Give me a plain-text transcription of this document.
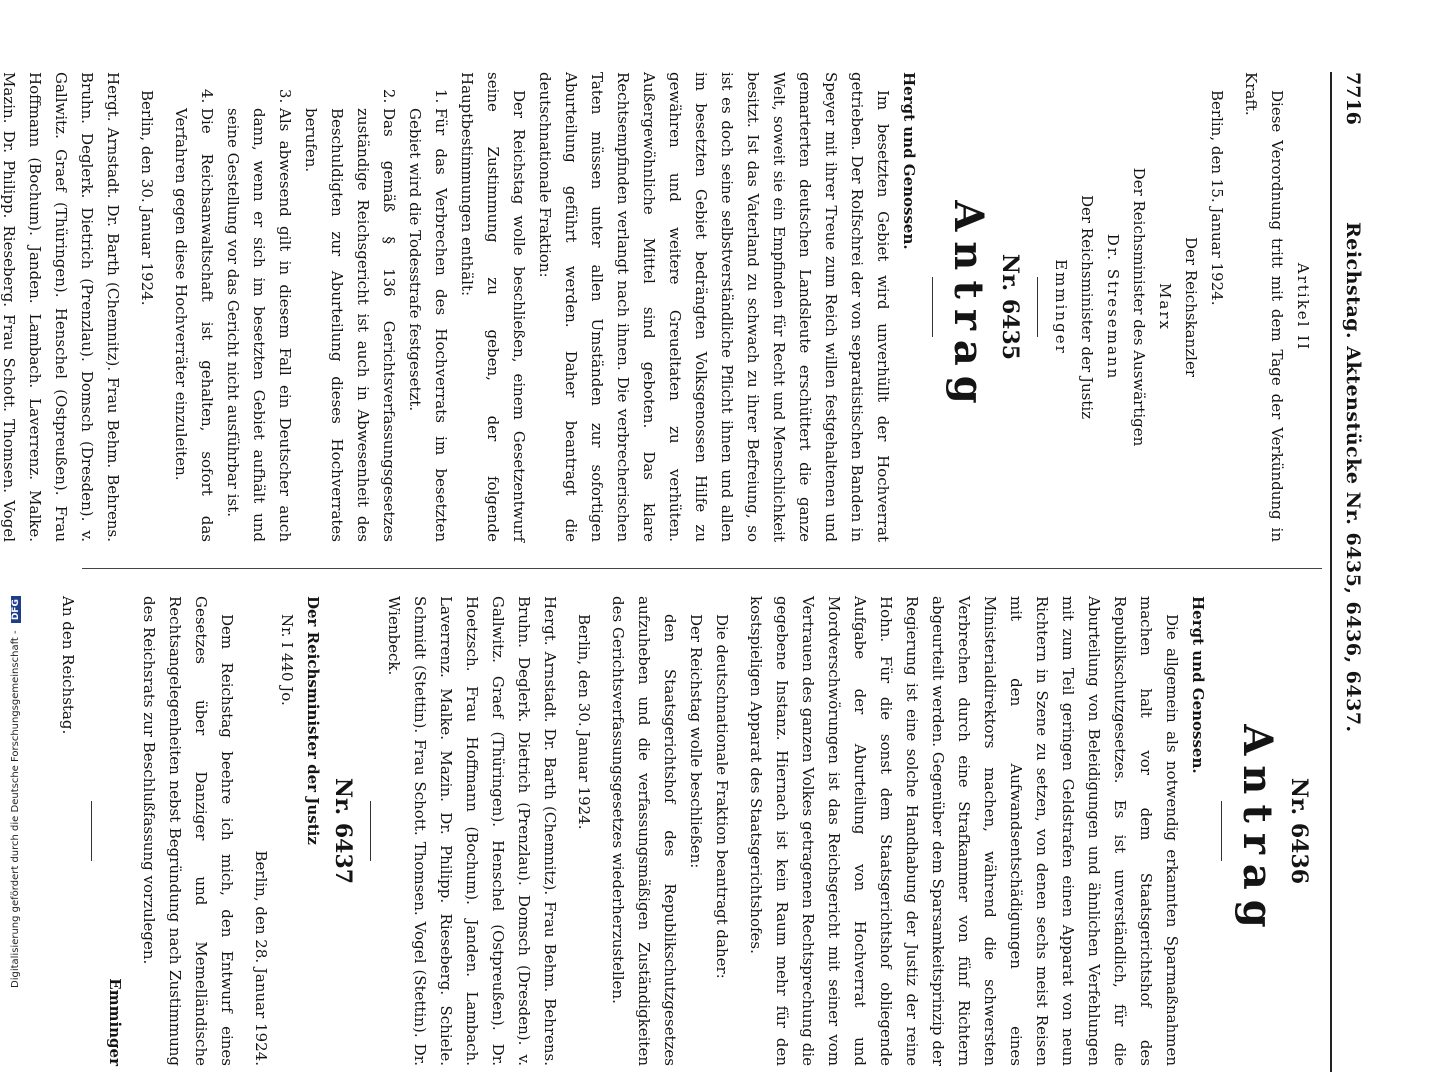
7716
Reichstag. Aktenstücke Nr. 6435, 6436, 6437.

Artikel II

Diese Verordnung tritt mit dem Tage der Verkündung in Kraft.

Berlin, den 15. Januar 1924.

Der Reichskanzler

Marx

Der Reichsminister des Auswärtigen

Dr. Stresemann

Der Reichsminister der Justiz

Emminger

Nr. 6435

Antrag

Hergt und Genossen.

Im besetzten Gebiet wird unverhüllt der Hochverrat getrieben. Der Rolfschrei der von separatistischen Banden in Speyer mit ihrer Treue zum Reich willen festgehaltenen und gemarterten deutschen Landsleute erschüttert die ganze Welt, soweit sie ein Empfinden für Recht und Menschlichkeit besitzt. Ist das Vaterland zu schwach zu ihrer Befreiung, so ist es doch seine selbstverständliche Pflicht ihnen und allen im besetzten Gebiet bedrängten Volksgenossen Hilfe zu gewähren und weitere Greueltaten zu verhüten. Außergewöhnliche Mittel sind geboten. Das klare Rechtsempfinden verlangt nach ihnen. Die verbrecherischen Taten müssen unter allen Umständen zur sofortigen Aburteilung geführt werden. Daher beantragt die deutschnationale Fraktion:

Der Reichstag wolle beschließen, einem Gesetzentwurf seine Zustimmung zu geben, der folgende Hauptbestimmungen enthält:

1. Für das Verbrechen des Hochverrats im besetzten Gebiet wird die Todesstrafe festgesetzt.
2. Das gemäß § 136 Gerichtsverfassungsgesetzes zuständige Reichsgericht ist auch in Abwesenheit des Beschuldigten zur Aburteilung dieses Hochverrates berufen.
3. Als abwesend gilt in diesem Fall ein Deutscher auch dann, wenn er sich im besetzten Gebiet aufhält und seine Gestellung vor das Gericht nicht ausführbar ist.
4. Die Reichsanwaltschaft ist gehalten, sofort das Verfahren gegen diese Hochverräter einzuleiten.

Berlin, den 30. Januar 1924.

Hergt. Arnstadt. Dr. Barth (Chemnitz). Frau Behm. Behrens. Bruhn. Deglerk. Dietrich (Prenzlau). Domsch (Dresden). v. Gallwitz. Graef (Thüringen). Henschel (Ostpreußen). Frau Hoffmann (Bochum). Janden. Lambach. Laverrenz. Malke. Mazin. Dr. Philipp. Rieseberg. Frau Schott. Thomsen. Vogel

Nr. 6436

Antrag

Hergt und Genossen.

Die allgemein als notwendig erkannten Sparmaßnahmen machen halt vor dem Staatsgerichtshof des Republikschutzgesetzes. Es ist unverständlich, für die Aburteilung von Beleidigungen und ähnlichen Verfehlungen mit zum Teil geringen Geldstrafen einen Apparat von neun Richtern in Szene zu setzen, von denen sechs meist Reisen mit den Aufwandsentschädigungen eines Ministerialdirektors machen, während die schwersten Verbrechen durch eine Strafkammer von fünf Richtern abgeurteilt werden. Gegenüber dem Sparsamkeitsprinzip der Regierung ist eine solche Handhabung der Justiz der reine Hohn. Für die sonst dem Staatsgerichtshof obliegende Aufgabe der Aburteilung von Hochverrat und Mordverschwörungen ist das Reichsgericht mit seiner vom Vertrauen des ganzen Volkes getragenen Rechtsprechung die gegebene Instanz. Hiernach ist kein Raum mehr für den kostspieligen Apparat des Staatsgerichtshofes.

Die deutschnationale Fraktion beantragt daher:

Der Reichstag wolle beschließen:

den Staatsgerichtshof des Republikschutzgesetzes aufzuheben und die verfassungsmäßigen Zuständigkeiten des Gerichtsverfassungsgesetzes wiederherzustellen.

Berlin, den 30. Januar 1924.

Hergt. Arnstadt. Dr. Barth (Chemnitz). Frau Behm. Behrens. Bruhn. Deglerk. Dietrich (Prenzlau). Domsch (Dresden). v. Gallwitz. Graef (Thüringen). Henschel (Ostpreußen). Dr. Hoetzsch. Frau Hoffmann (Bochum). Janden. Lambach. Laverrenz. Malke. Mazin. Dr. Philipp. Rieseberg. Schiele. Schmidt (Stettin). Frau Schott. Thomsen. Vogel (Stettin). Dr. Wienbeck.

Nr. 6437

Der Reichsminister der Justiz

Nr. I 440 Jo.

Berlin, den 28. Januar 1924.

Dem Reichstag beehre ich mich, den Entwurf eines Gesetzes über Danziger und Memelländische Rechtsangelegenheiten nebst Begründung nach Zustimmung des Reichsrats zur Beschlußfassung vorzulegen.

Emminger

An den Reichstag.

Digitalisierung gefördert durch die Deutsche Forschungsgemeinschaft - DFG
